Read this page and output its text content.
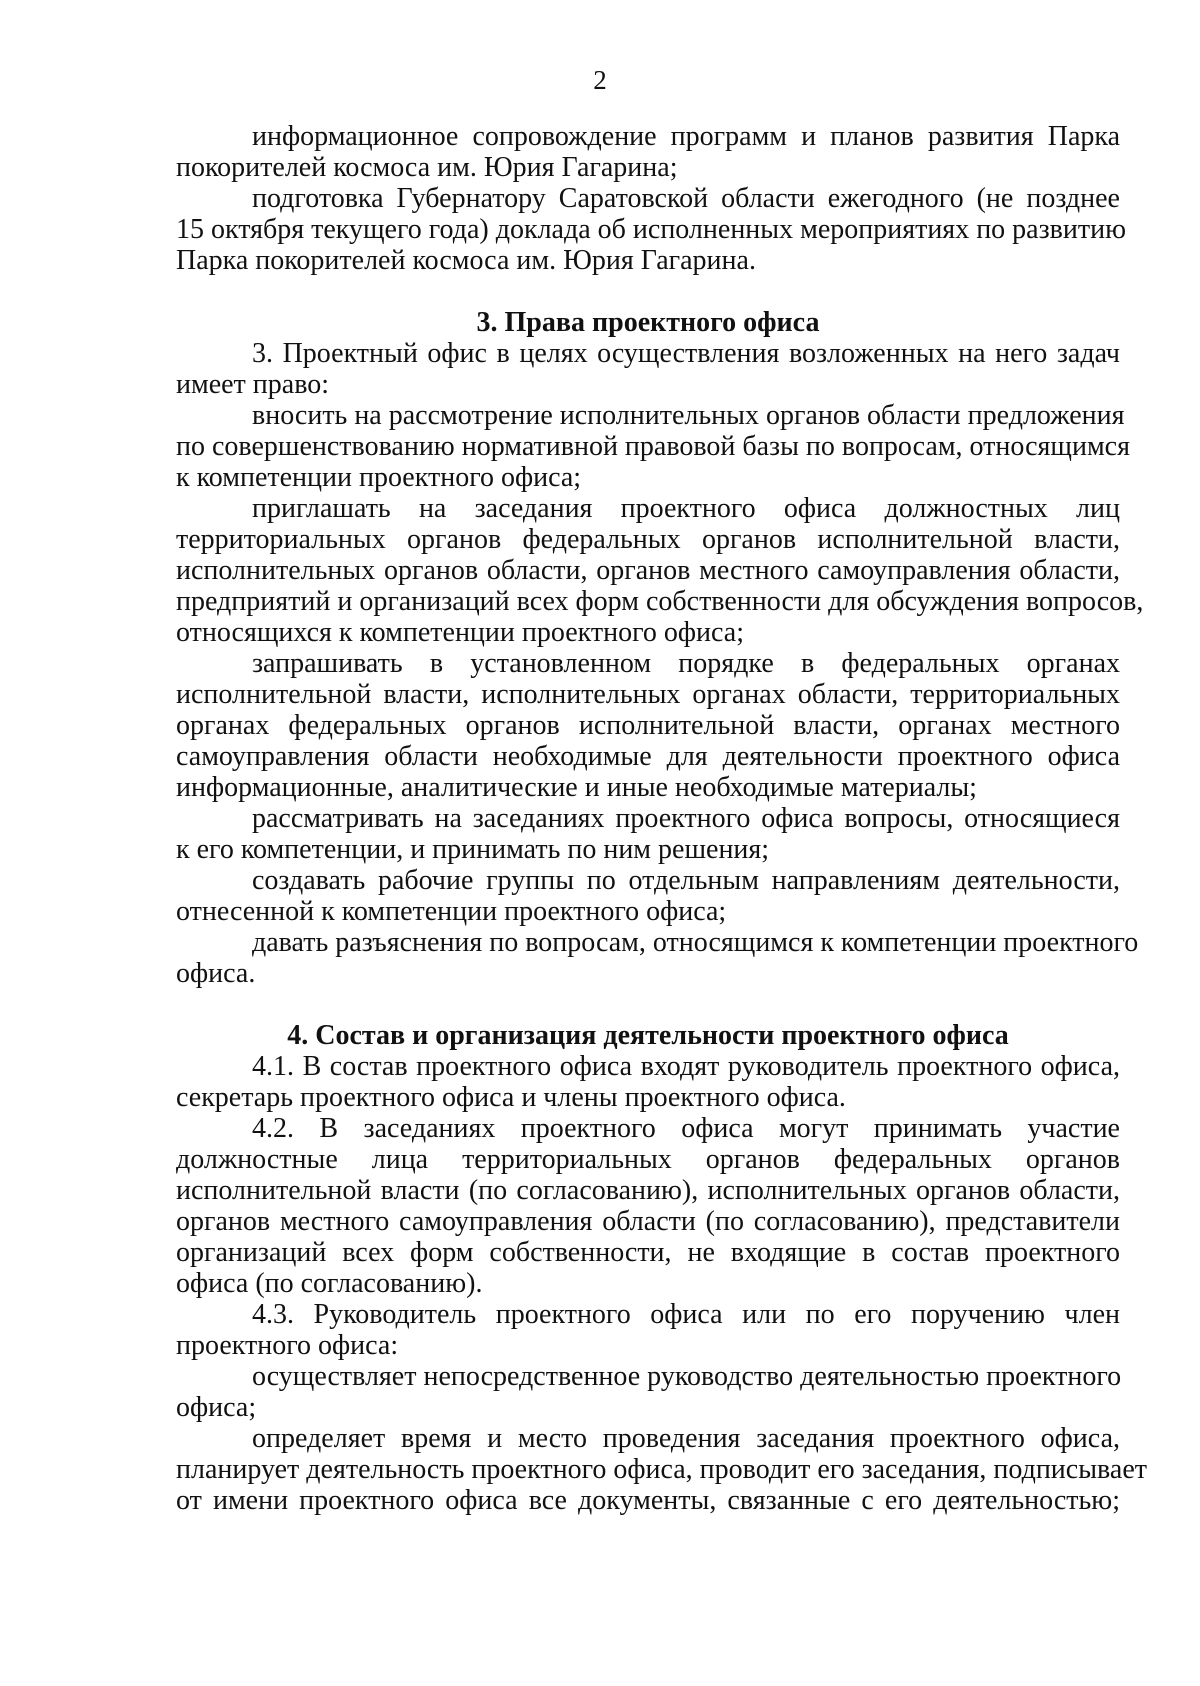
2
информационное сопровождение программ и планов развития Парка
покорителей космоса им. Юрия Гагарина;
подготовка Губернатору Саратовской области ежегодного (не позднее
15 октября текущего года) доклада об исполненных мероприятиях по развитию
Парка покорителей космоса им. Юрия Гагарина.
3. Права проектного офиса
3. Проектный офис в целях осуществления возложенных на него задач
имеет право:
вносить на рассмотрение исполнительных органов области предложения
по совершенствованию нормативной правовой базы по вопросам, относящимся
к компетенции проектного офиса;
приглашать на заседания проектного офиса должностных лиц
территориальных органов федеральных органов исполнительной власти,
исполнительных органов области, органов местного самоуправления области,
предприятий и организаций всех форм собственности для обсуждения вопросов,
относящихся к компетенции проектного офиса;
запрашивать в установленном порядке в федеральных органах
исполнительной власти, исполнительных органах области, территориальных
органах федеральных органов исполнительной власти, органах местного
самоуправления области необходимые для деятельности проектного офиса
информационные, аналитические и иные необходимые материалы;
рассматривать на заседаниях проектного офиса вопросы, относящиеся
к его компетенции, и принимать по ним решения;
создавать рабочие группы по отдельным направлениям деятельности,
отнесенной к компетенции проектного офиса;
давать разъяснения по вопросам, относящимся к компетенции проектного
офиса.
4. Состав и организация деятельности проектного офиса
4.1. В состав проектного офиса входят руководитель проектного офиса,
секретарь проектного офиса и члены проектного офиса.
4.2. В заседаниях проектного офиса могут принимать участие
должностные лица территориальных органов федеральных органов
исполнительной власти (по согласованию), исполнительных органов области,
органов местного самоуправления области (по согласованию), представители
организаций всех форм собственности, не входящие в состав проектного
офиса (по согласованию).
4.3. Руководитель проектного офиса или по его поручению член
проектного офиса:
осуществляет непосредственное руководство деятельностью проектного
офиса;
определяет время и место проведения заседания проектного офиса,
планирует деятельность проектного офиса, проводит его заседания, подписывает
от имени проектного офиса все документы, связанные с его деятельностью;
